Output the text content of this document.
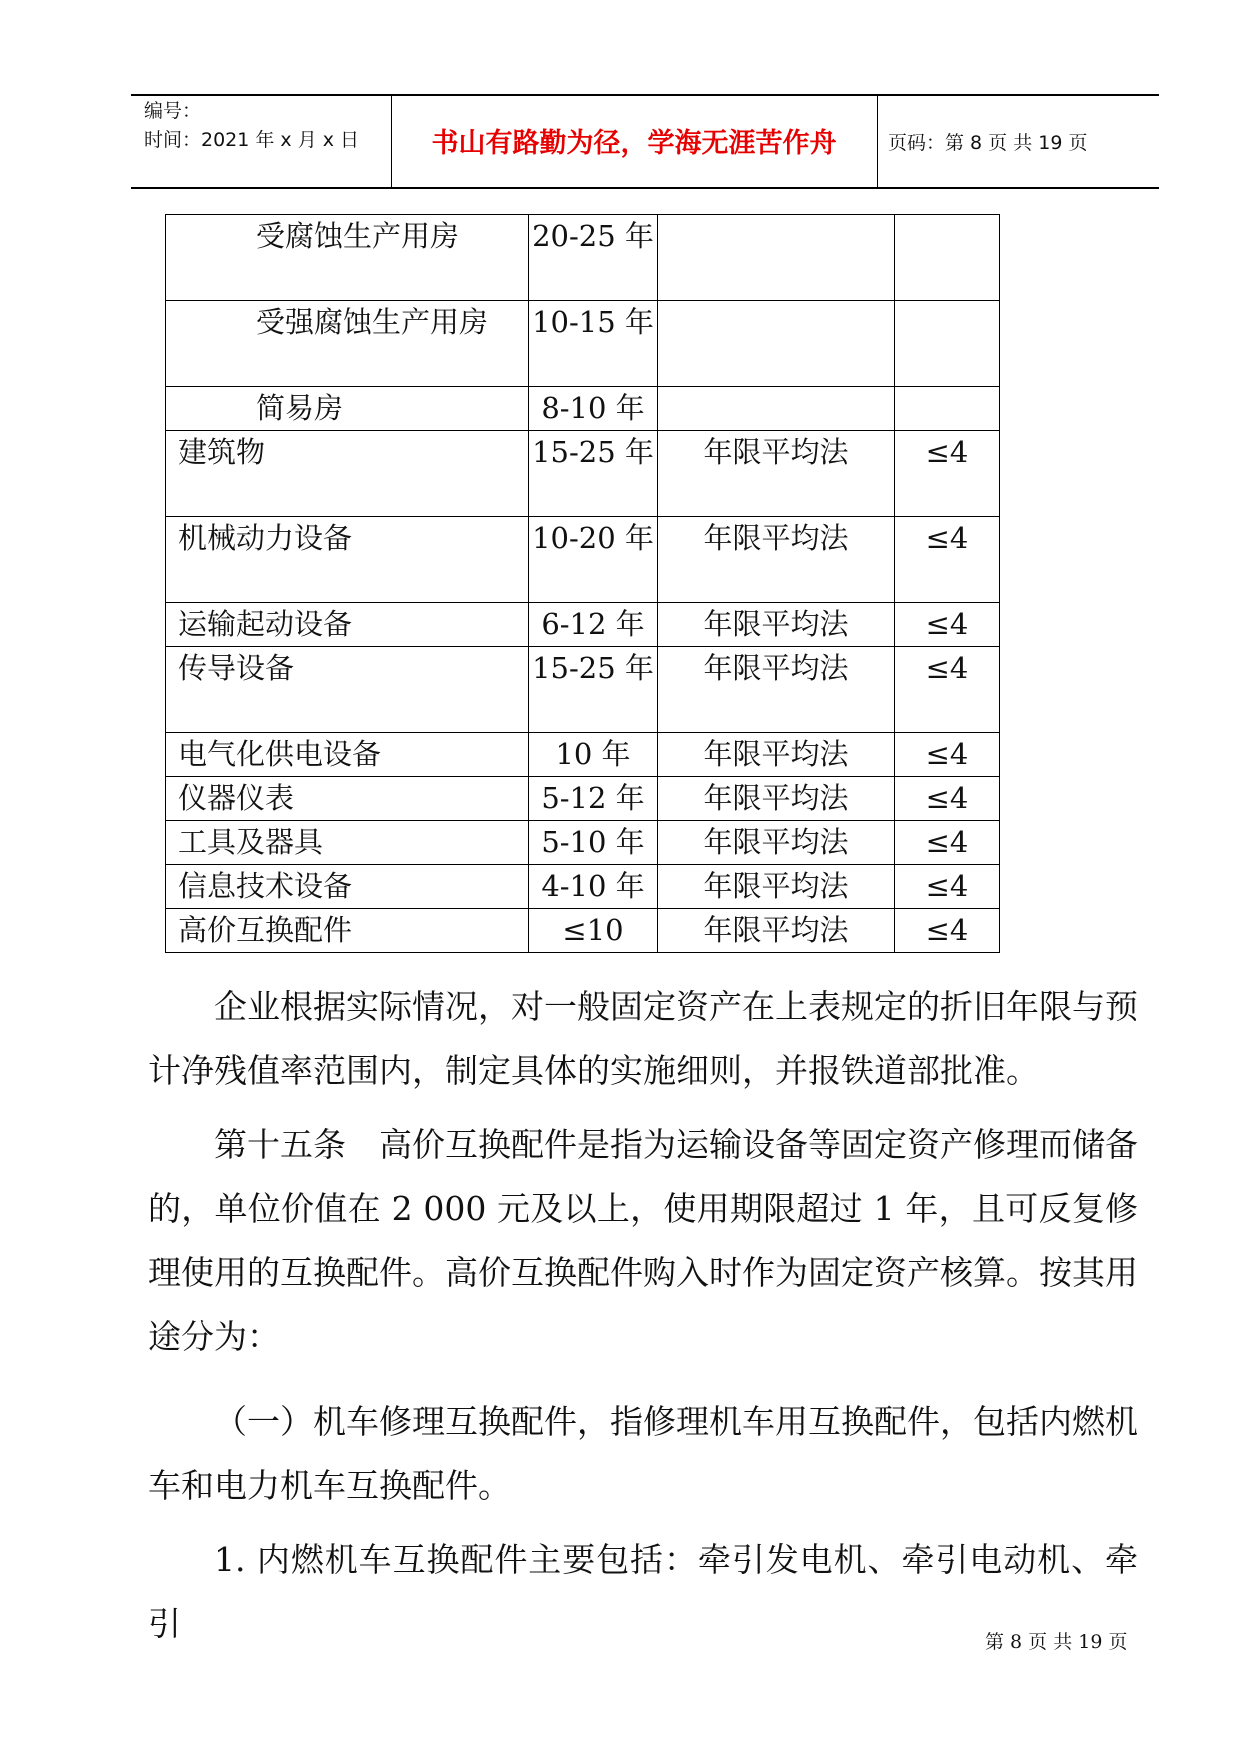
编号：
时间：2021 年 x 月 x 日	书山有路勤为径，学海无涯苦作舟	页码：第 8 页 共 19 页
受腐蚀生产用房	20-25 年		

受强腐蚀生产用房	10-15 年		

简易房	8-10 年		

建筑物	15-25 年	年限平均法	≤4

机械动力设备	10-20 年	年限平均法	≤4

运输起动设备	6-12 年	年限平均法	≤4

传导设备	15-25 年	年限平均法	≤4

电气化供电设备	10 年	年限平均法	≤4

仪器仪表	5-12 年	年限平均法	≤4

工具及器具	5-10 年	年限平均法	≤4

信息技术设备	4-10 年	年限平均法	≤4

高价互换配件	≤10	年限平均法	≤4
企业根据实际情况，对一般固定资产在上表规定的折旧年限与预计净残值率范围内，制定具体的实施细则，并报铁道部批准。
第十五条　高价互换配件是指为运输设备等固定资产修理而储备的，单位价值在 2 000 元及以上，使用期限超过 1 年，且可反复修理使用的互换配件。高价互换配件购入时作为固定资产核算。按其用途分为：
（一）机车修理互换配件，指修理机车用互换配件，包括内燃机车和电力机车互换配件。
1. 内燃机车互换配件主要包括：牵引发电机、牵引电动机、牵引	第 8 页 共 19 页
